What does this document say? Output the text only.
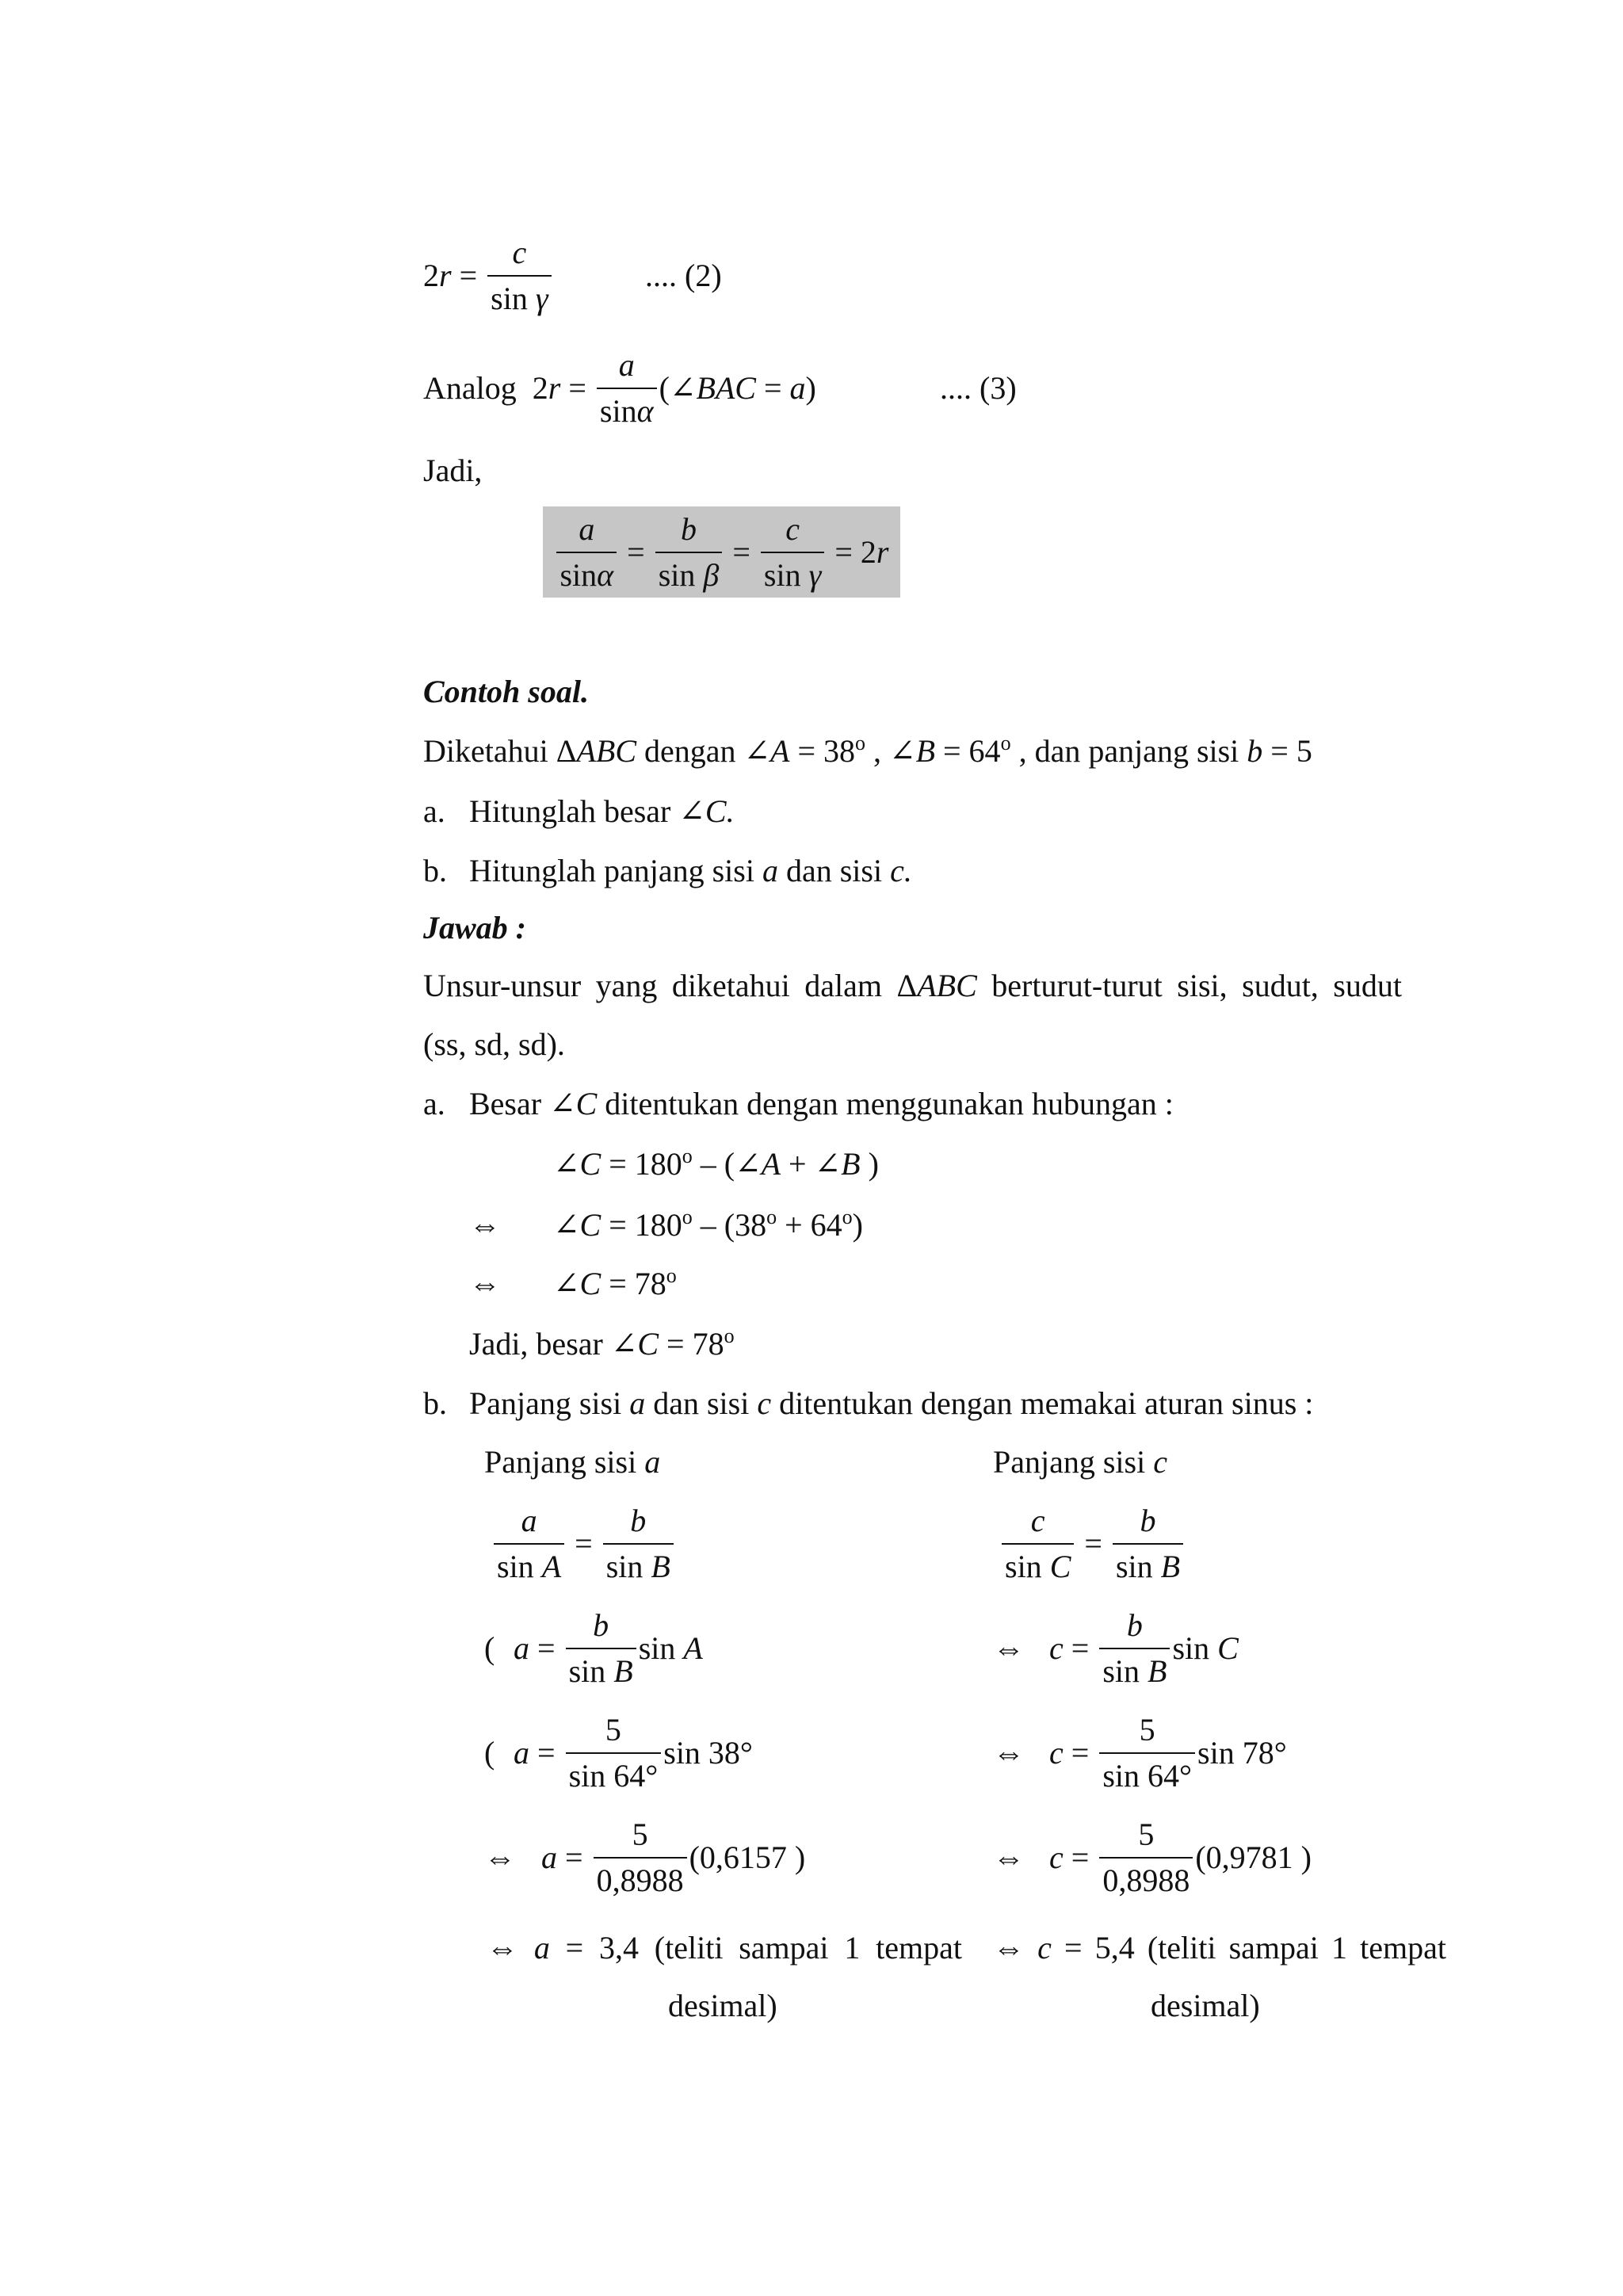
2 $r = \frac{c}{\text{sin γ}}$	.... (2)
Analog  2 $r = \frac{a}{\text{sin α}}$ ( ∠BAC = a )	.... (3)
Jadi,
$\frac{a}{\text{sin α}} = \frac{b}{\text{sin β}} = \frac{c}{\text{sin γ}} = 2$ r
Contoh soal.
Diketahui ΔABC dengan ∠A = $38^o$ , ∠B = $64^o$ , dan panjang sisi b = 5
a. Hitunglah besar ∠C.
b. Hitunglah panjang sisi a dan sisi c.
Jawab :
Unsur-unsur yang diketahui dalam ΔABC berturut-turut sisi, sudut, sudut
(ss, sd, sd).
a. Besar ∠C ditentukan dengan menggunakan hubungan :
∠C = $180^o$ – (∠A + ∠B )
⇔ ∠C = $180^o - (38^o + 64^o)$
⇔ ∠C = $78^o$
Jadi, besar ∠C = $78^o$
b. Panjang sisi a dan sisi c ditentukan dengan memakai aturan sinus :
Panjang sisi a
$\frac{a}{\text{sin A}} = \frac{b}{\text{sin B}}$
( $a = \frac{b}{\text{sin B}}$ sin A
( $a = \frac{5}{\sin 64^\circ}$ sin 38°
⇔ $a = \frac{5}{0,8988} (0,6157$ )
⇔ a = 3,4 (teliti sampai 1 tempat
desimal)
Panjang sisi c
$\frac{c}{\text{sin C}} = \frac{b}{\text{sin B}}$
⇔ $c = \frac{b}{\text{sin B}}$ sin C
⇔ $c = \frac{5}{\sin 64^\circ}$ sin 78°
⇔ $c = \frac{5}{0,8988} (0,9781$ )
⇔ c = 5,4 (teliti sampai 1 tempat
desimal)
